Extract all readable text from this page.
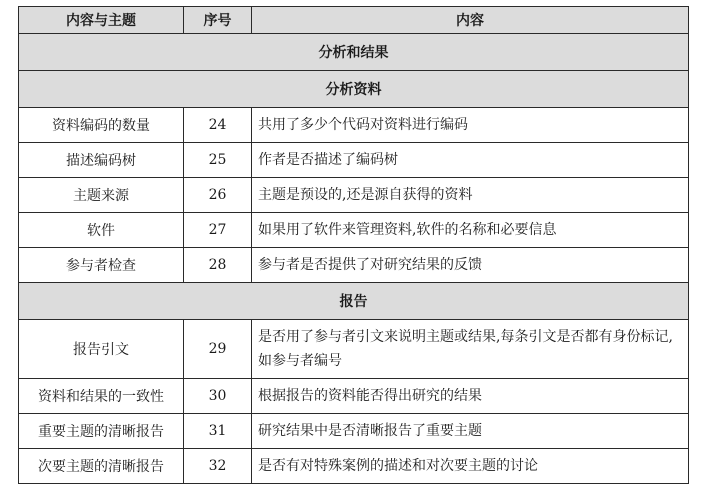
内容与主题	序号	内容
分析和结果		
分析资料		
资料编码的数量	24	共用了多少个代码对资料进行编码
描述编码树	25	作者是否描述了编码树
主题来源	26	主题是预设的,还是源自获得的资料
软件	27	如果用了软件来管理资料,软件的名称和必要信息
参与者检查	28	参与者是否提供了对研究结果的反馈
报告		
报告引文	29	是否用了参与者引文来说明主题或结果,每条引文是否都有身份标记,如参与者编号
资料和结果的一致性	30	根据报告的资料能否得出研究的结果
重要主题的清晰报告	31	研究结果中是否清晰报告了重要主题
次要主题的清晰报告	32	是否有对特殊案例的描述和对次要主题的讨论
